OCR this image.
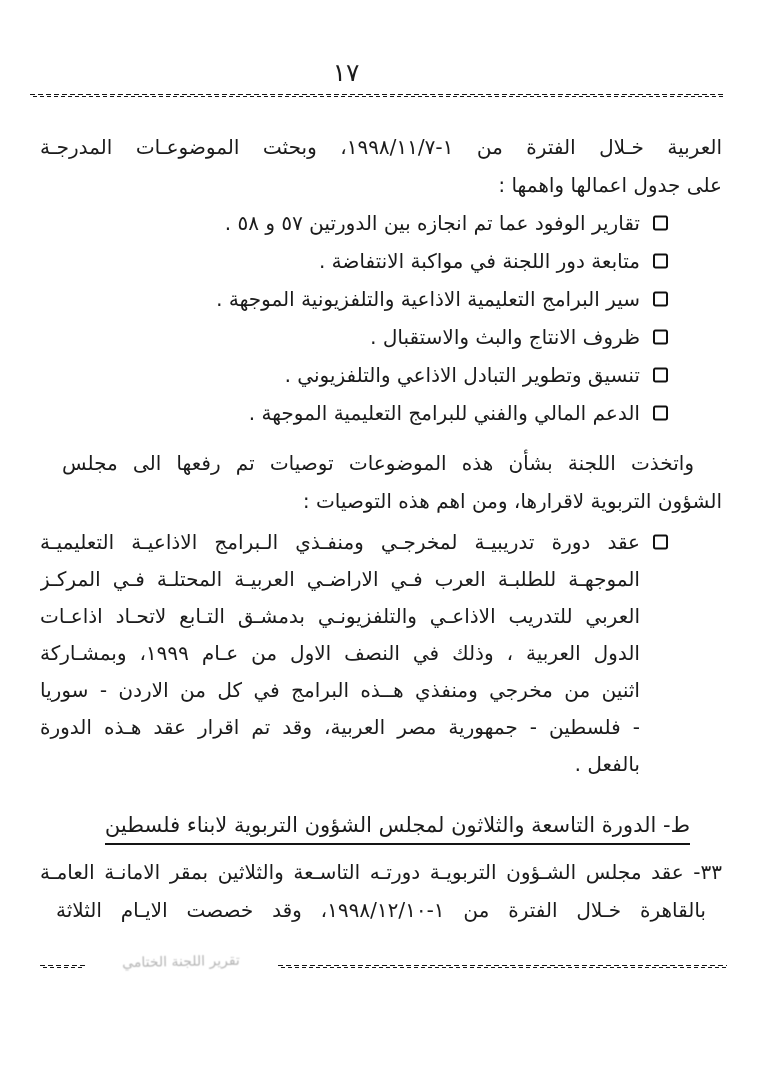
١٧
العربية خـلال الفترة من ١-١٩٩٨/١١/٧، وبحثت الموضوعـات المدرجـة
على جدول اعمالها واهمها :
تقارير الوفود عما تم انجازه بين الدورتين ٥٧ و ٥٨ .
متابعة دور اللجنة في مواكبة الانتفاضة .
سير البرامج التعليمية الاذاعية والتلفزيونية الموجهة .
ظروف الانتاج والبث والاستقبال .
تنسيق وتطوير التبادل الاذاعي والتلفزيوني .
الدعم المالي والفني للبرامج التعليمية الموجهة .
واتخذت اللجنة بشأن هذه الموضوعات توصيات تم رفعها الى مجلس
الشؤون التربوية لاقرارها، ومن اهم هذه التوصيات :
عقد دورة تدريبيـة لمخرجـي ومنفـذي الـبرامج الاذاعيـة التعليميـة
الموجهـة للطلبـة العرب فـي الاراضـي العربيـة المحتلـة فـي المركـز
العربي للتدريب الاذاعـي والتلفزيونـي بدمشـق التـابع لاتحـاد اذاعـات
الدول العربية ، وذلك في النصف الاول من عـام ١٩٩٩، وبمشـاركة
اثنين من مخرجي ومنفذي هــذه البرامج في كل من الاردن - سوريا
- فلسطين - جمهورية مصر العربية، وقد تم اقرار عقد هـذه الدورة
بالفعل .
ط- الدورة التاسعة والثلاثون لمجلس الشؤون التربوية لابناء فلسطين
٣٣- عقد مجلس الشـؤون التربويـة دورتـه التاسـعة والثلاثين بمقر الامانـة العامـة
بالقاهرة خـلال الفترة من ١-١٩٩٨/١٢/١٠، وقد خصصت الايـام الثلاثة
تقرير اللجنة الختامي
